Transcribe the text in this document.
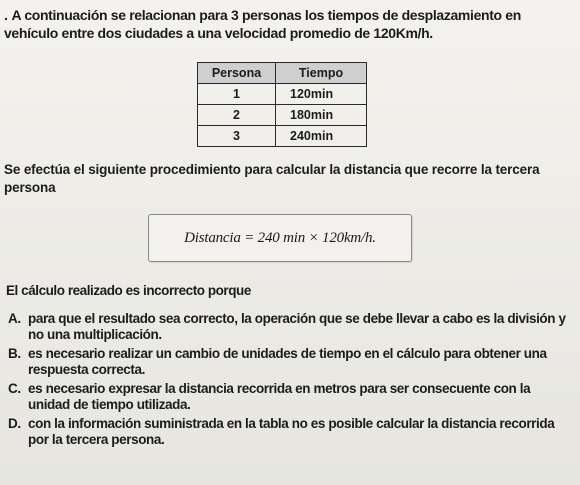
. A continuación se relacionan para 3 personas los tiempos de desplazamiento en vehículo entre dos ciudades a una velocidad promedio de 120Km/h.
Persona	Tiempo
1	120min
2	180min
3	240min
Se efectúa el siguiente procedimiento para calcular la distancia que recorre la tercera persona
Distancia = 240 min × 120km/h.
El cálculo realizado es incorrecto porque
A. para que el resultado sea correcto, la operación que se debe llevar a cabo es la división y no una multiplicación.
B. es necesario realizar un cambio de unidades de tiempo en el cálculo para obtener una respuesta correcta.
C. es necesario expresar la distancia recorrida en metros para ser consecuente con la unidad de tiempo utilizada.
D. con la información suministrada en la tabla no es posible calcular la distancia recorrida por la tercera persona.
